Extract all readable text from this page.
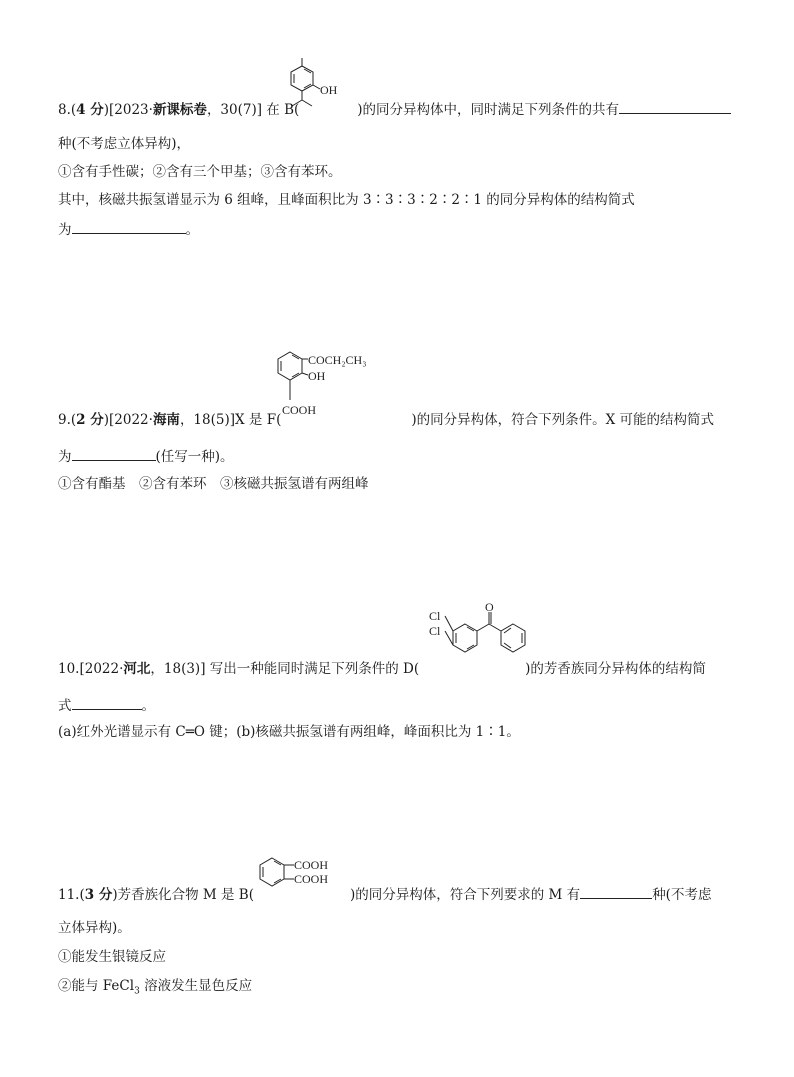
OH
8.(4 分)[2023·新课标卷，30(7)] 在 B(	)的同分异构体中，同时满足下列条件的共有
种(不考虑立体异构)，
①含有手性碳；②含有三个甲基；③含有苯环。
其中，核磁共振氢谱显示为 6 组峰，且峰面积比为 3∶3∶3∶2∶2∶1 的同分异构体的结构简式
为	。
COCH₂CH₃
OH
COOH
9.(2 分)[2022·海南，18(5)]X 是 F(	)的同分异构体，符合下列条件。X 可能的结构简式
为	(任写一种)。
①含有酯基　②含有苯环　③核磁共振氢谱有两组峰
Cl
Cl
O
10.[2022·河北，18(3)] 写出一种能同时满足下列条件的 D(	)的芳香族同分异构体的结构简
式	。
(a)红外光谱显示有 C═O 键；(b)核磁共振氢谱有两组峰，峰面积比为 1∶1。
COOH
COOH
11.(3 分)芳香族化合物 M 是 B(	)的同分异构体，符合下列要求的 M 有	种(不考虑
立体异构)。
①能发生银镜反应
②能与 FeCl$_3$ 溶液发生显色反应
